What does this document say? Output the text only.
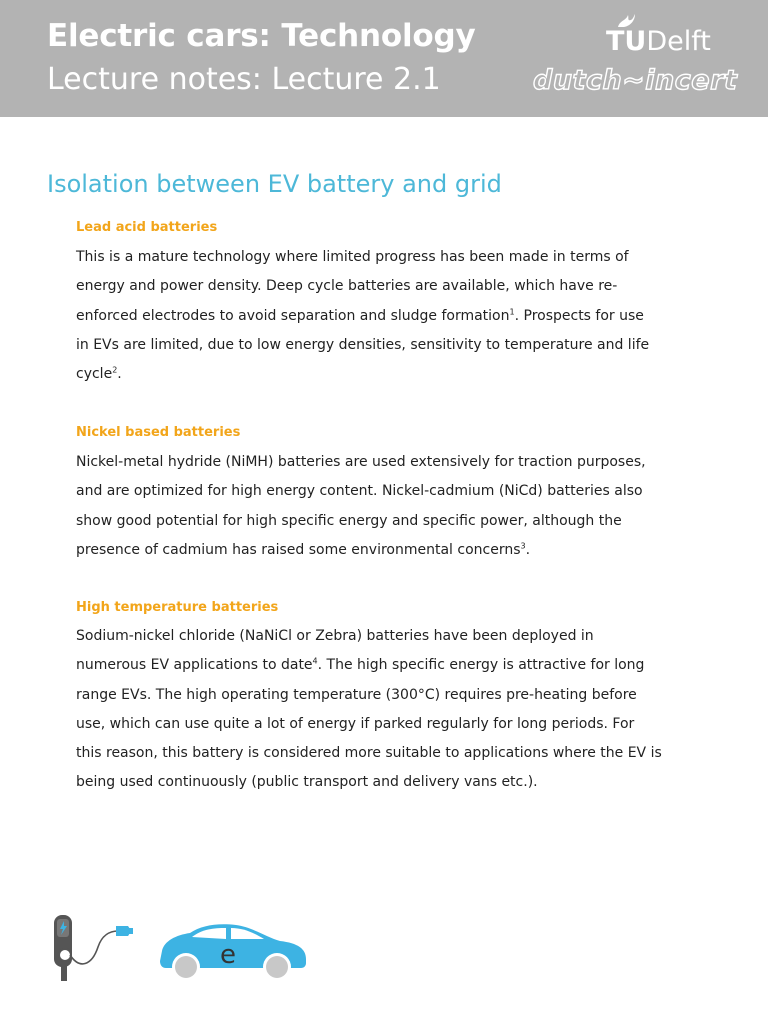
Electric cars: Technology
Lecture notes: Lecture 2.1
TUDelft
dutch~incert
Isolation between EV battery and grid
Lead acid batteries
This is a mature technology where limited progress has been made in terms of
energy and power density. Deep cycle batteries are available, which have re-
enforced electrodes to avoid separation and sludge formation$^1$. Prospects for use
in EVs are limited, due to low energy densities, sensitivity to temperature and life
cycle$^2$.
Nickel based batteries
Nickel-metal hydride (NiMH) batteries are used extensively for traction purposes,
and are optimized for high energy content. Nickel-cadmium (NiCd) batteries also
show good potential for high specific energy and specific power, although the
presence of cadmium has raised some environmental concerns$^3$.
High temperature batteries
Sodium-nickel chloride (NaNiCl or Zebra) batteries have been deployed in
numerous EV applications to date$^4$. The high specific energy is attractive for long
range EVs. The high operating temperature (300°C) requires pre-heating before
use, which can use quite a lot of energy if parked regularly for long periods. For
this reason, this battery is considered more suitable to applications where the EV is
being used continuously (public transport and delivery vans etc.).
e
